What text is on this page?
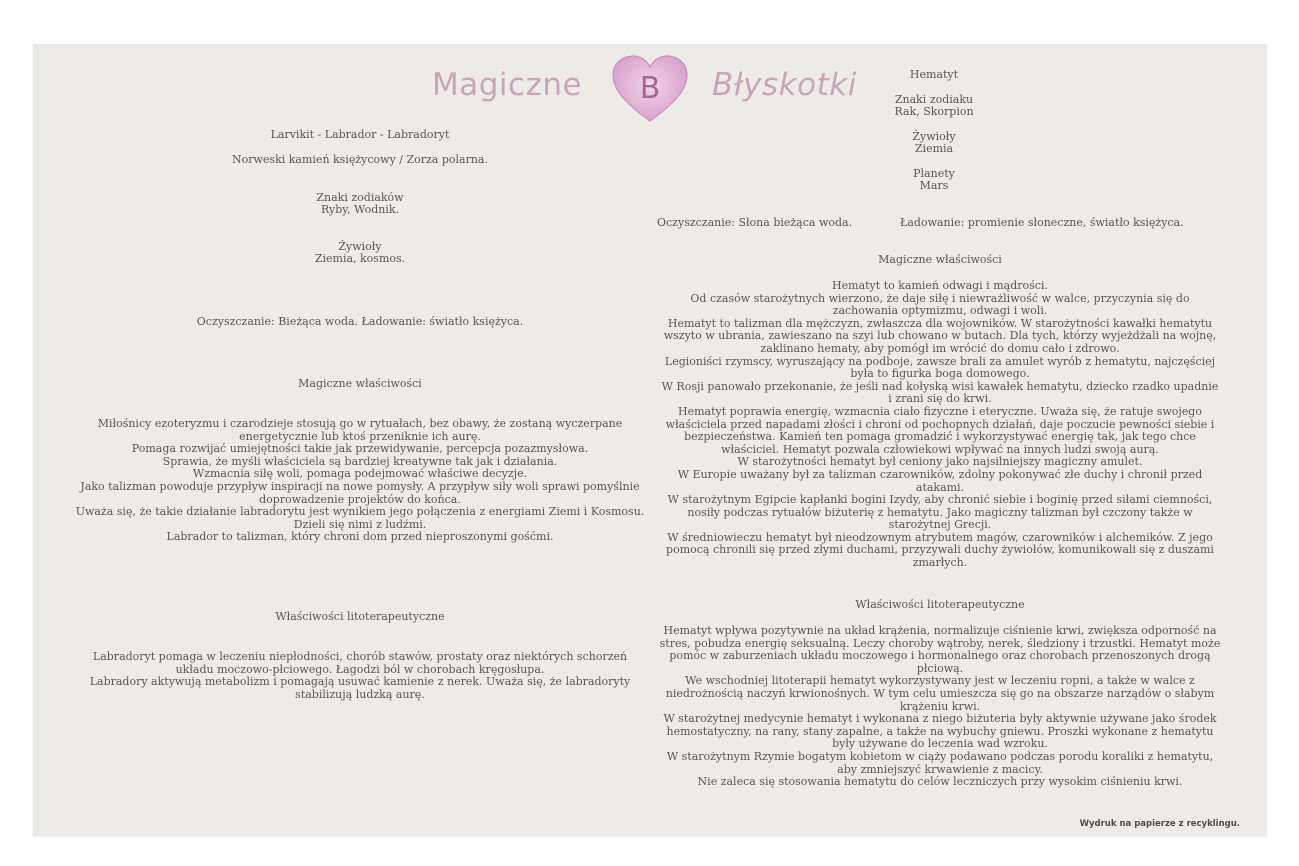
Magiczne	B	Błyskotki
Larvikit - Labrador - Labradoryt
Norweski kamień księżycowy / Zorza polarna.
Znaki zodiaków
Ryby, Wodnik.
Żywioły
Ziemia, kosmos.
Oczyszczanie: Bieżąca woda. Ładowanie: światło księżyca.
Magiczne właściwości

Miłośnicy ezoteryzmu i czarodzieje stosują go w rytuałach, bez obawy, że zostaną wyczerpane

energetycznie lub ktoś przeniknie ich aurę.

Pomaga rozwijać umiejętności takie jak przewidywanie, percepcja pozazmysłowa.

Sprawia, że myśli właściciela są bardziej kreatywne tak jak i działania.

Wzmacnia siłę woli, pomaga podejmować właściwe decyzje.

Jako talizman powoduje przypływ inspiracji na nowe pomysły. A przypływ siły woli sprawi pomyślnie

doprowadzenie projektów do końca.

Uważa się, że takie działanie labradorytu jest wynikiem jego połączenia z energiami Ziemi i Kosmosu.

Dzieli się nimi z ludźmi.

Labrador to talizman, który chroni dom przed nieproszonymi gośćmi.

Właściwości litoterapeutyczne

Labradoryt pomaga w leczeniu niepłodności, chorób stawów, prostaty oraz niektórych schorzeń

układu moczowo-płciowego. Łagodzi ból w chorobach kręgosłupa.

Labradory aktywują metabolizm i pomagają usuwać kamienie z nerek. Uważa się, że labradoryty

stabilizują ludzką aurę.

Hematyt
Znaki zodiaku
Rak, Skorpion
Żywioły
Ziemia
Planety
Mars
Oczyszczanie: Słona bieżąca woda.	Ładowanie: promienie słoneczne, światło księżyca.
Magiczne właściwości

Hematyt to kamień odwagi i mądrości.

Od czasów starożytnych wierzono, że daje siłę i niewrażliwość w walce, przyczynia się do

zachowania optymizmu, odwagi i woli.

Hematyt to talizman dla mężczyzn, zwłaszcza dla wojowników. W starożytności kawałki hematytu

wszyto w ubrania, zawieszano na szyi lub chowano w butach. Dla tych, którzy wyjeżdżali na wojnę,

zaklinano hematy, aby pomógł im wrócić do domu cało i zdrowo.

Legioniści rzymscy, wyruszający na podboje, zawsze brali za amulet wyrób z hematytu, najczęściej

była to figurka boga domowego.

W Rosji panowało przekonanie, że jeśli nad kołyską wisi kawałek hematytu, dziecko rzadko upadnie

i zrani się do krwi.

Hematyt poprawia energię, wzmacnia ciało fizyczne i eteryczne. Uważa się, że ratuje swojego

właściciela przed napadami złości i chroni od pochopnych działań, daje poczucie pewności siebie i

bezpieczeństwa. Kamień ten pomaga gromadzić i wykorzystywać energię tak, jak tego chce

właściciel. Hematyt pozwala człowiekowi wpływać na innych ludzi swoją aurą.

W starożytności hematyt był ceniony jako najsilniejszy magiczny amulet.

W Europie uważany był za talizman czarowników, zdolny pokonywać złe duchy i chronił przed

atakami.

W starożytnym Egipcie kapłanki bogini Izydy, aby chronić siebie i boginię przed siłami ciemności,

nosiły podczas rytuałów biżuterię z hematytu. Jako magiczny talizman był czczony także w

starożytnej Grecji.

W średniowieczu hematyt był nieodzownym atrybutem magów, czarowników i alchemików. Z jego

pomocą chronili się przed złymi duchami, przyzywali duchy żywiołów, komunikowali się z duszami

zmarłych.

Właściwości litoterapeutyczne

Hematyt wpływa pozytywnie na układ krążenia, normalizuje ciśnienie krwi, zwiększa odporność na

stres, pobudza energię seksualną. Leczy choroby wątroby, nerek, śledziony i trzustki. Hematyt może

pomóc w zaburzeniach układu moczowego i hormonalnego oraz chorobach przenoszonych drogą

płciową.

We wschodniej litoterapii hematyt wykorzystywany jest w leczeniu ropni, a także w walce z

niedrożnością naczyń krwionośnych. W tym celu umieszcza się go na obszarze narządów o słabym

krążeniu krwi.

W starożytnej medycynie hematyt i wykonana z niego biżuteria były aktywnie używane jako środek

hemostatyczny, na rany, stany zapalne, a także na wybuchy gniewu. Proszki wykonane z hematytu

były używane do leczenia wad wzroku.

W starożytnym Rzymie bogatym kobietom w ciąży podawano podczas porodu koraliki z hematytu,

aby zmniejszyć krwawienie z macicy.

Nie zaleca się stosowania hematytu do celów leczniczych przy wysokim ciśnieniu krwi.

Wydruk na papierze z recyklingu.
